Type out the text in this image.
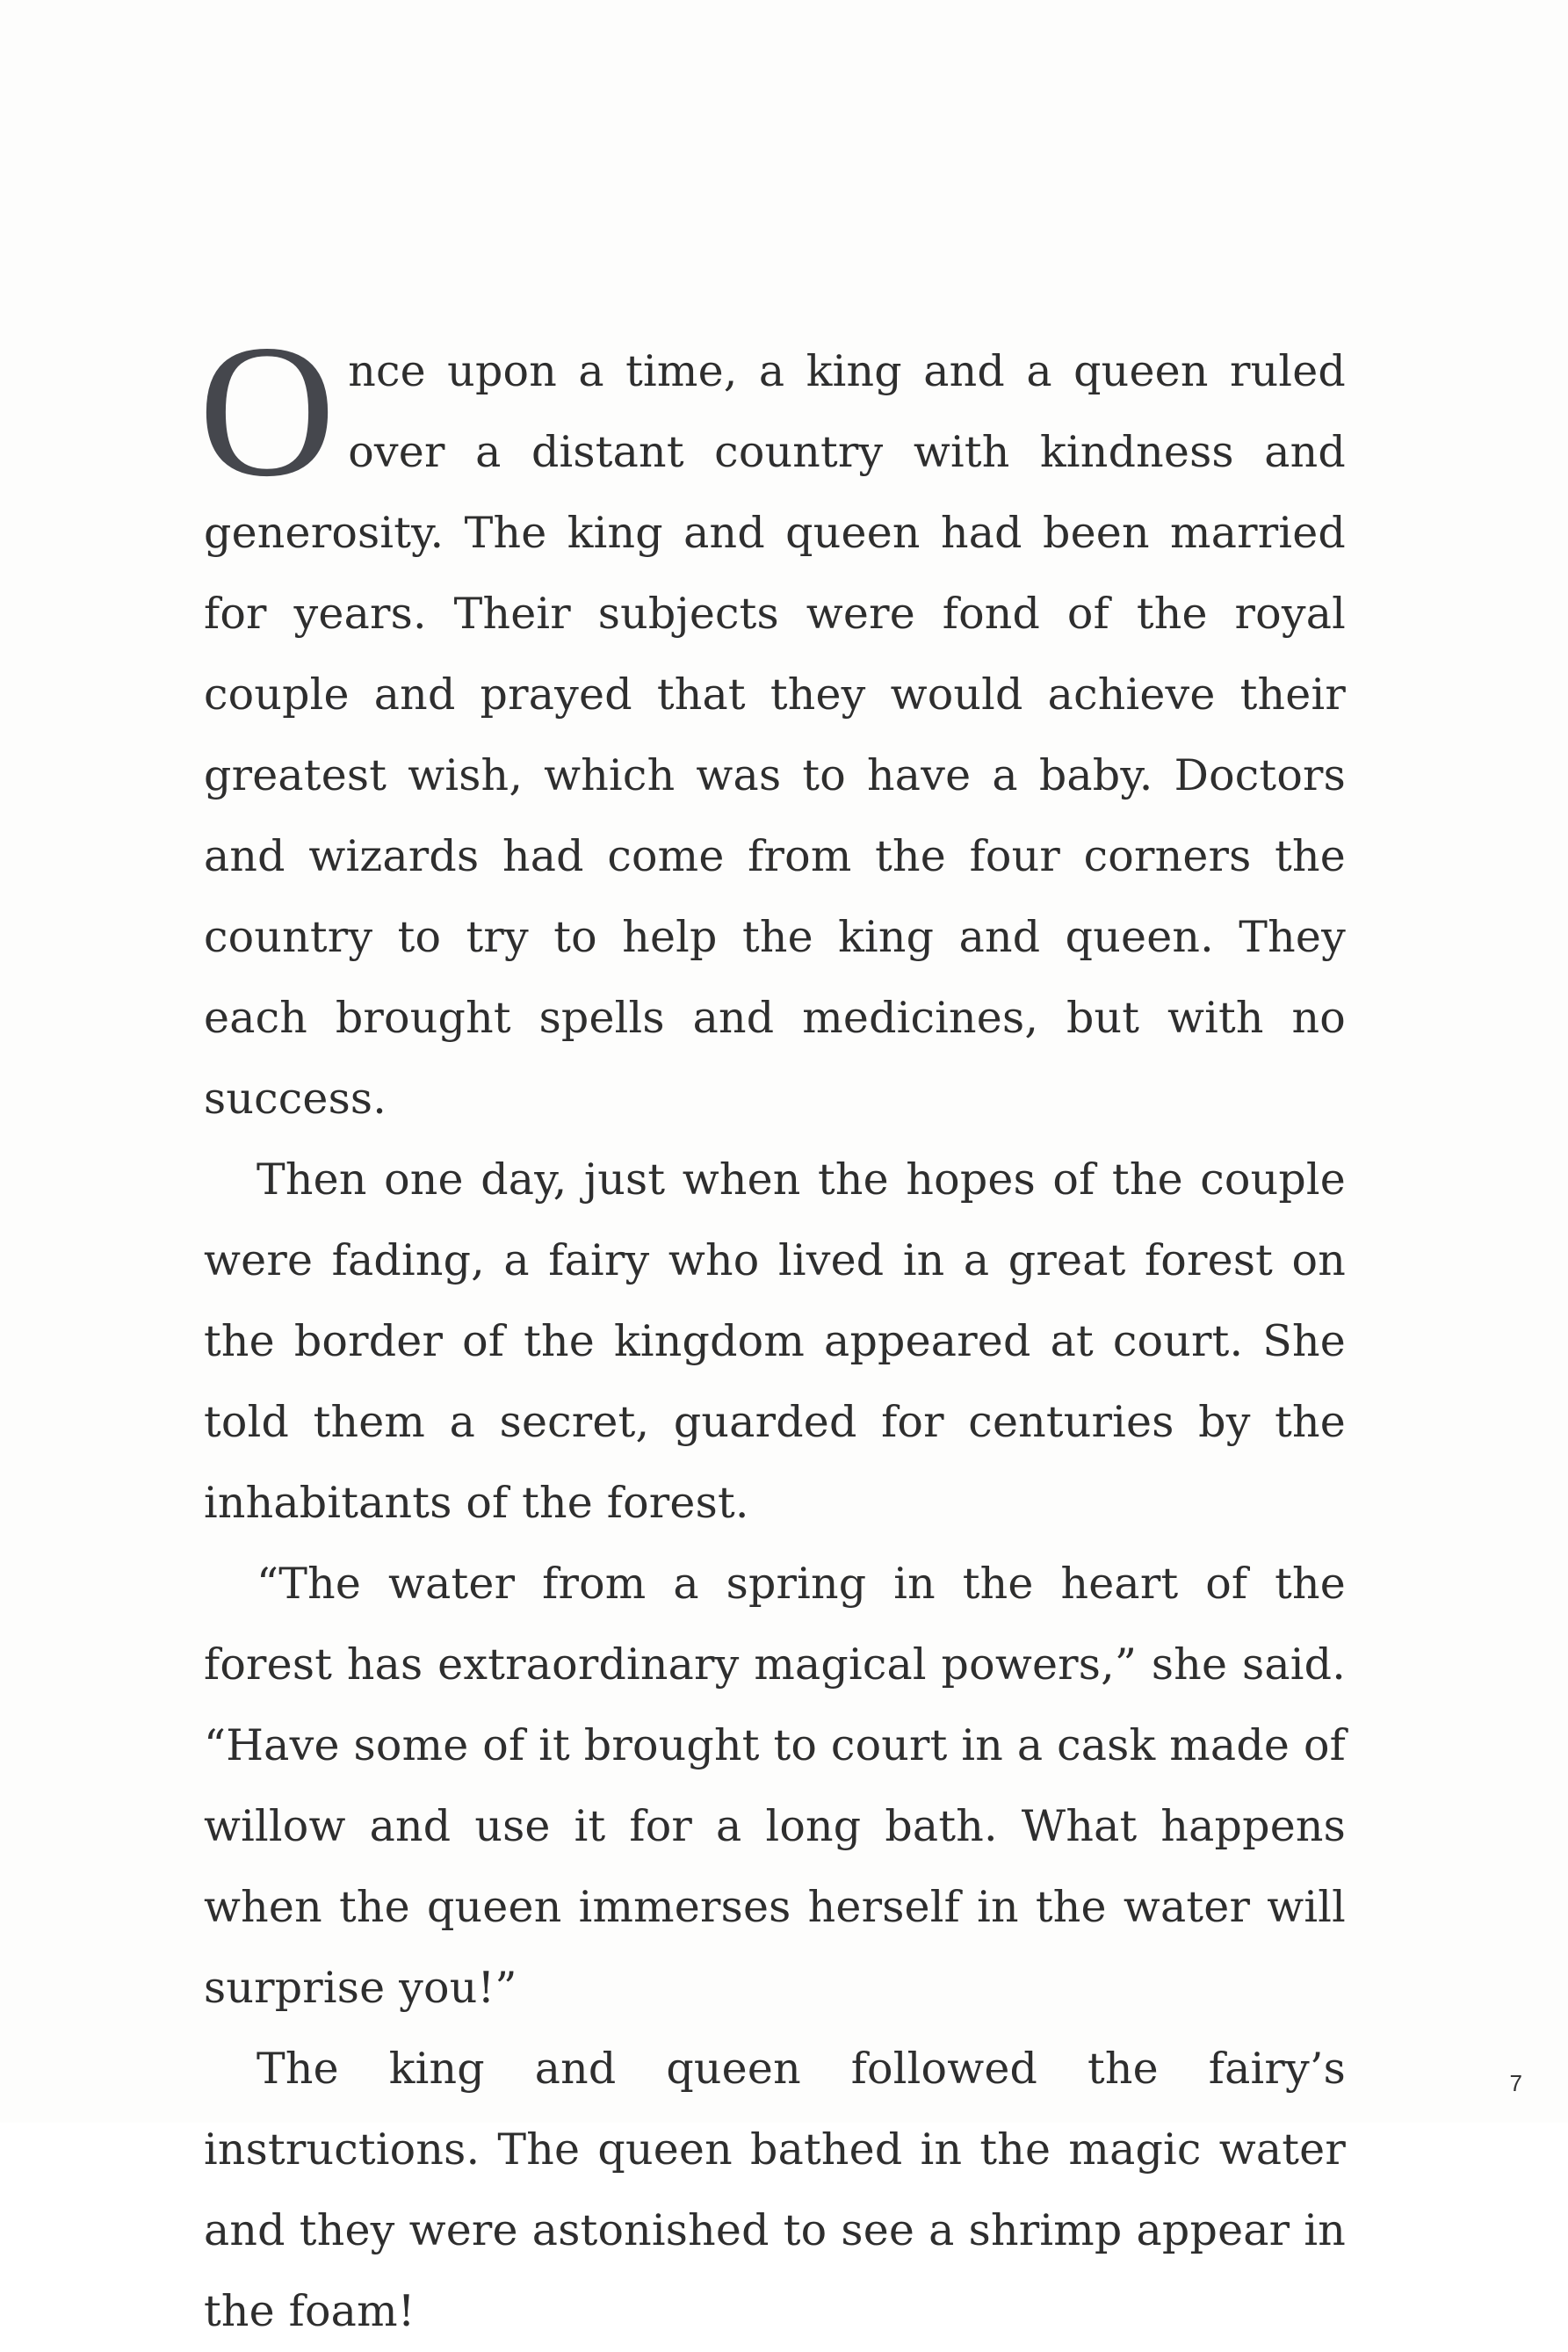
Once upon a time, a king and a queen ruled over a distant country with kindness and generosity. The king and queen had been married for years. Their subjects were fond of the royal couple and prayed that they would achieve their greatest wish, which was to have a baby. Doctors and wizards had come from the four corners the country to try to help the king and queen. They each brought spells and medicines, but with no success.

Then one day, just when the hopes of the couple were fading, a fairy who lived in a great forest on the border of the kingdom appeared at court. She told them a secret, guarded for centuries by the inhabitants of the forest.

“The water from a spring in the heart of the forest has extraordinary magical powers,” she said. “Have some of it brought to court in a cask made of willow and use it for a long bath. What happens when the queen immerses herself in the water will surprise you!”

The king and queen followed the fairy’s instructions. The queen bathed in the magic water and they were astonished to see a shrimp appear in the foam!

7
